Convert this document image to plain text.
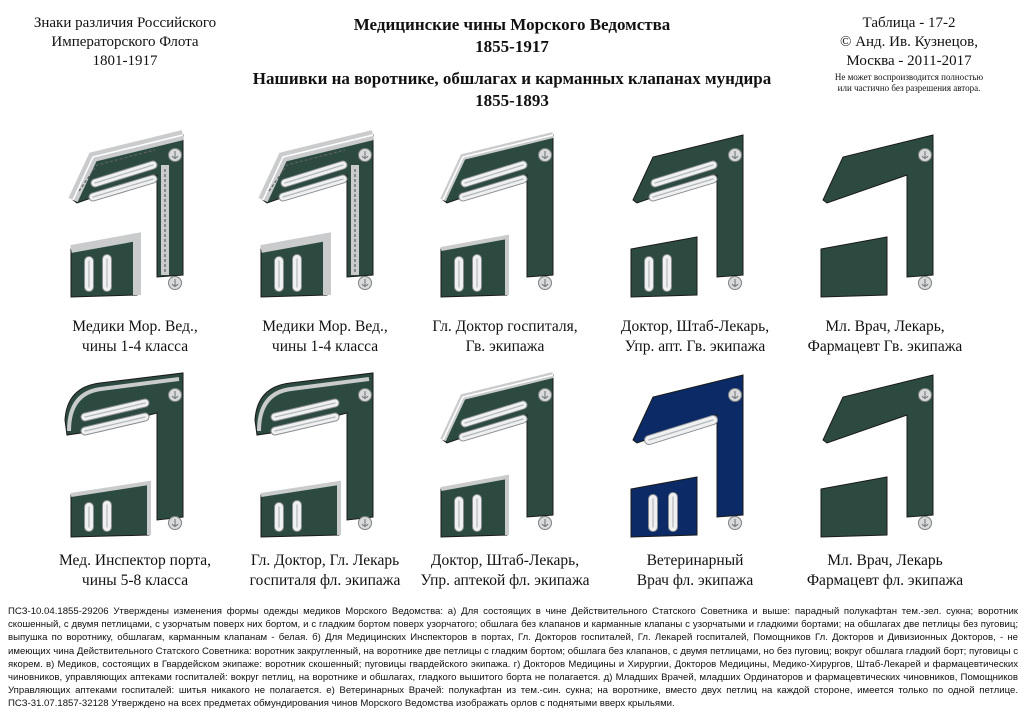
Знаки различия Российского
Императорского Флота
1801-1917
Медицинские чины Морского Ведомства
1855-1917
Нашивки на воротнике, обшлагах и карманных клапанах мундира
1855-1893
Таблица - 17-2
© Анд. Ив. Кузнецов,
Москва - 2011-2017
Не может воспроизводится полностью
или частично без разрешения автора.
Медики Мор. Вед.,
чины 1-4 класса
Медики Мор. Вед.,
чины 1-4 класса
Гл. Доктор госпиталя,
Гв. экипажа
Доктор, Штаб-Лекарь,
Упр. апт. Гв. экипажа
Мл. Врач, Лекарь,
Фармацевт Гв. экипажа
Мед. Инспектор порта,
чины 5-8 класса
Гл. Доктор, Гл. Лекарь
госпиталя фл. экипажа
Доктор, Штаб-Лекарь,
Упр. аптекой фл. экипажа
Ветеринарный
Врач фл. экипажа
Мл. Врач, Лекарь
Фармацевт фл. экипажа
ПСЗ-10.04.1855-29206 Утверждены изменения формы одежды медиков Морского Ведомства: а) Для состоящих в чине Действительного Статского Советника и выше: парадный полукафтан тем.-зел. сукна; воротник скошенный, с двумя петлицами, с узорчатым поверх них бортом, и с гладким бортом поверх узорчатого; обшлага без клапанов и карманные клапаны с узорчатыми и гладкими бортами; на обшлагах две петлицы без пуговиц; выпушка по воротнику, обшлагам, карманным клапанам - белая. б) Для Медицинских Инспекторов в портах, Гл. Докторов госпиталей, Гл. Лекарей госпиталей, Помощников Гл. Докторов и Дивизионных Докторов, - не имеющих чина Действительного Статского Советника: воротник закругленный, на воротнике две петлицы с гладким бортом; обшлага без клапанов, с двумя петлицами, но без пуговиц; вокруг обшлага гладкий борт; пуговицы с якорем. в) Медиков, состоящих в Гвардейском экипаже: воротник скошенный; пуговицы гвардейского экипажа. г) Докторов Медицины и Хирургии, Докторов Медицины, Медико-Хирургов, Штаб-Лекарей и фармацевтических чиновников, управляющих аптеками госпиталей: вокруг петлиц, на воротнике и обшлагах, гладкого вышитого борта не полагается. д) Младших Врачей, младших Ординаторов и фармацевтических чиновников, Помощников Управляющих аптеками госпиталей: шитья никакого не полагается. е) Ветеринарных Врачей: полукафтан из тем.-син. сукна; на воротнике, вместо двух петлиц на каждой стороне, имеется только по одной петлице. ПСЗ-31.07.1857-32128 Утверждено на всех предметах обмундирования чинов Морского Ведомства изображать орлов с поднятыми вверх крыльями.
